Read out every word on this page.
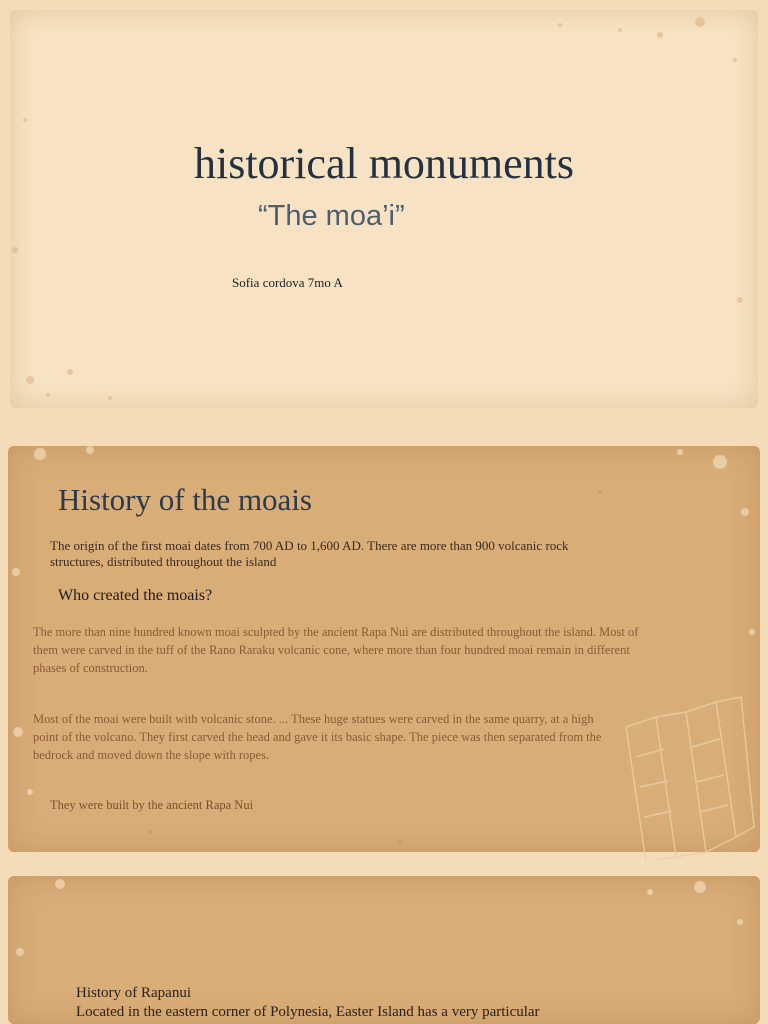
historical monuments
“The moa’i”
Sofia cordova 7mo A
History of the moais
The origin of the first moai dates from 700 AD to 1,600 AD. There are more than 900 volcanic rock structures, distributed throughout the island
Who created the moais?
The more than nine hundred known moai sculpted by the ancient Rapa Nui are distributed throughout the island. Most of them were carved in the tuff of the Rano Raraku volcanic cone, where more than four hundred moai remain in different phases of construction.
Most of the moai were built with volcanic stone. ... These huge statues were carved in the same quarry, at a high point of the volcano. They first carved the head and gave it its basic shape. The piece was then separated from the bedrock and moved down the slope with ropes.
They were built by the ancient Rapa Nui
History of Rapanui
Located in the eastern corner of Polynesia, Easter Island has a very particular
